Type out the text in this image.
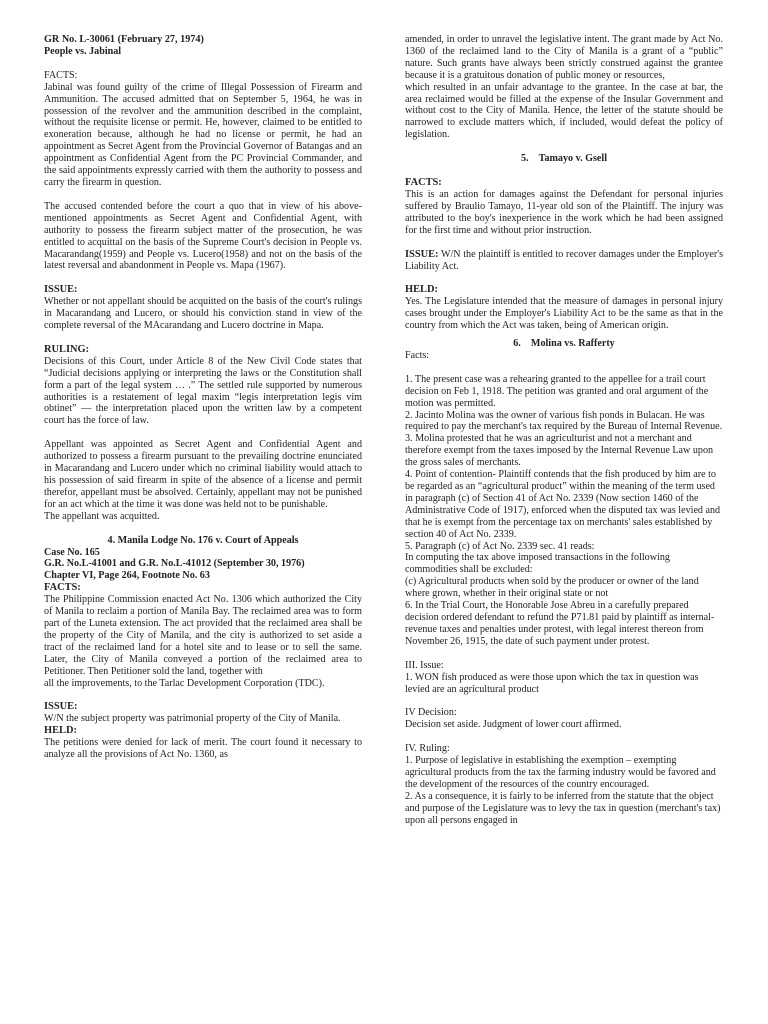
GR No. L-30061 (February 27, 1974)

People vs. Jabinal

FACTS:

Jabinal was found guilty of the crime of Illegal Possession of Firearm and Ammunition. The accused admitted that on September 5, 1964, he was in possession of the revolver and the ammunition described in the complaint, without the requisite license or permit. He, however, claimed to be entitled to exoneration because, although he had no license or permit, he had an appointment as Secret Agent from the Provincial Governor of Batangas and an appointment as Confidential Agent from the PC Provincial Commander, and the said appointments expressly carried with them the authority to possess and carry the firearm in question.

The accused contended before the court a quo that in view of his above-mentioned appointments as Secret Agent and Confidential Agent, with authority to possess the firearm subject matter of the prosecution, he was entitled to acquittal on the basis of the Supreme Court's decision in People vs. Macarandang(1959) and People vs. Lucero(1958) and not on the basis of the latest reversal and abandonment in People vs. Mapa (1967).

ISSUE:

Whether or not appellant should be acquitted on the basis of the court's rulings in Macarandang and Lucero, or should his conviction stand in view of the complete reversal of the MAcarandang and Lucero doctrine in Mapa.

RULING:

Decisions of this Court, under Article 8 of the New Civil Code states that “Judicial decisions applying or interpreting the laws or the Constitution shall form a part of the legal system … .” The settled rule supported by numerous authorities is a restatement of legal maxim “legis interpretation legis vim obtinet” — the interpretation placed upon the written law by a competent court has the force of law.

Appellant was appointed as Secret Agent and Confidential Agent and authorized to possess a firearm pursuant to the prevailing doctrine enunciated in Macarandang and Lucero under which no criminal liability would attach to his possession of said firearm in spite of the absence of a license and permit therefor, appellant must be absolved. Certainly, appellant may not be punished for an act which at the time it was done was held not to be punishable.

The appellant was acquitted.

4. Manila Lodge No. 176 v. Court of Appeals

Case No. 165

G.R. No.L-41001 and G.R. No.L-41012 (September 30, 1976)

Chapter VI, Page 264, Footnote No. 63

FACTS:

The Philippine Commission enacted Act No. 1306 which authorized the City of Manila to reclaim a portion of Manila Bay. The reclaimed area was to form part of the Luneta extension. The act provided that the reclaimed area shall be the property of the City of Manila, and the city is authorized to set aside a tract of the reclaimed land for a hotel site and to lease or to sell the same. Later, the City of Manila conveyed a portion of the reclaimed area to Petitioner. Then Petitioner sold the land, together with

all the improvements, to the Tarlac Development Corporation (TDC).

ISSUE:

W/N the subject property was patrimonial property of the City of Manila.

HELD:

The petitions were denied for lack of merit. The court found it necessary to analyze all the provisions of Act No. 1360, as

amended, in order to unravel the legislative intent. The grant made by Act No. 1360 of the reclaimed land to the City of Manila is a grant of a “public” nature. Such grants have always been strictly construed against the grantee because it is a gratuitous donation of public money or resources,

which resulted in an unfair advantage to the grantee. In the case at bar, the area reclaimed would be filled at the expense of the Insular Government and without cost to the City of Manila. Hence, the letter of the statute should be narrowed to exclude matters which, if included, would defeat the policy of legislation.

5.    Tamayo v. Gsell

FACTS:

This is an action for damages against the Defendant for personal injuries suffered by Braulio Tamayo, 11-year old son of the Plaintiff. The injury was attributed to the boy's inexperience in the work which he had been assigned for the first time and without prior instruction.

ISSUE: W/N the plaintiff is entitled to recover damages under the Employer's Liability Act.

HELD:

Yes. The Legislature intended that the measure of damages in personal injury cases brought under the Employer's Liability Act to be the same as that in the country from which the Act was taken, being of American origin.

6.    Molina vs. Rafferty

Facts:

1. The present case was a rehearing granted to the appellee for a trail court decision on Feb 1, 1918. The petition was granted and oral argument of the motion was permitted.

2. Jacinto Molina was the owner of various fish ponds in Bulacan. He was required to pay the merchant's tax required by the Bureau of Internal Revenue.

3. Molina protested that he was an agriculturist and not a merchant and therefore exempt from the taxes imposed by the Internal Revenue Law upon the gross sales of merchants.

4. Point of contention- Plaintiff contends that the fish produced by him are to be regarded as an “agricultural product” within the meaning of the term used in paragraph (c) of Section 41 of Act No. 2339 (Now section 1460 of the Administrative Code of 1917), enforced when the disputed tax was levied and that he is exempt from the percentage tax on merchants' sales established by section 40 of Act No. 2339.

5. Paragraph (c) of Act No. 2339 sec. 41 reads:

In computing the tax above imposed transactions in the following commodities shall be excluded:

(c) Agricultural products when sold by the producer or owner of the land where grown, whether in their original state or not

6. In the Trial Court, the Honorable Jose Abreu in a carefully prepared decision ordered defendant to refund the P71.81 paid by plaintiff as internal-revenue taxes and penalties under protest, with legal interest thereon from November 26, 1915, the date of such payment under protest.

III. Issue:

1. WON fish produced as were those upon which the tax in question was levied are an agricultural product

IV Decision:

Decision set aside. Judgment of lower court affirmed.

IV. Ruling:

1. Purpose of legislative in establishing the exemption – exempting agricultural products from the tax the farming industry would be favored and the development of the resources of the country encouraged.

2. As a consequence, it is fairly to be inferred from the statute that the object and purpose of the Legislature was to levy the tax in question (merchant's tax) upon all persons engaged in
